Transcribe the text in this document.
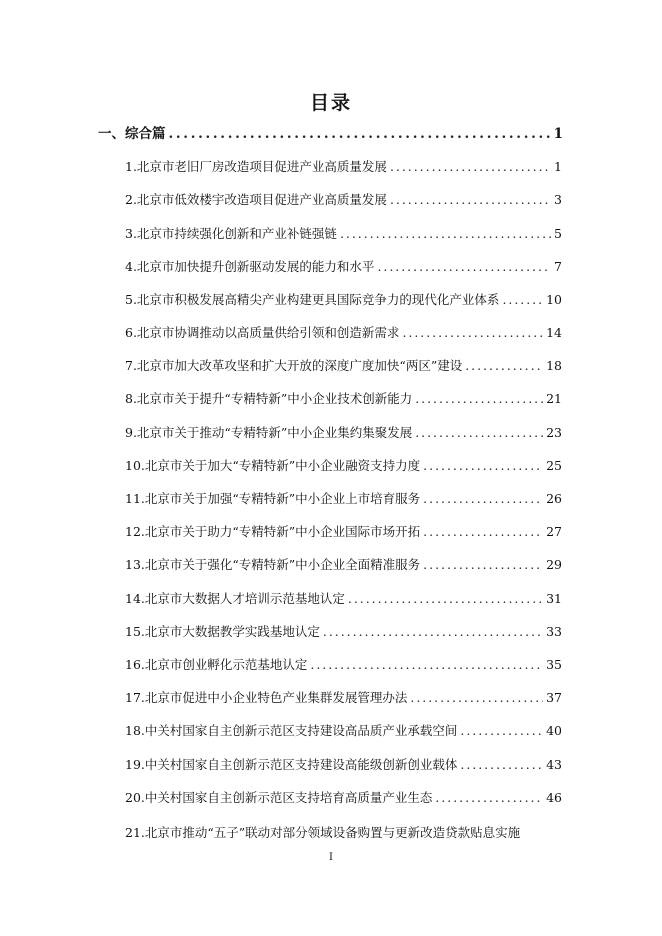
目录
一、综合篇 . . .	1
1.北京市老旧厂房改造项目促进产业高质量发展 . . .	1
2.北京市低效楼宇改造项目促进产业高质量发展 . . .	3
3.北京市持续强化创新和产业补链强链 . . .	5
4.北京市加快提升创新驱动发展的能力和水平 . . .	7
5.北京市积极发展高精尖产业构建更具国际竞争力的现代化产业体系 . . .	10
6.北京市协调推动以高质量供给引领和创造新需求 . . .	14
7.北京市加大改革攻坚和扩大开放的深度广度加快“两区”建设 . . .	18
8.北京市关于提升“专精特新”中小企业技术创新能力 . . .	21
9.北京市关于推动“专精特新”中小企业集约集聚发展 . . .	23
10.北京市关于加大“专精特新”中小企业融资支持力度 . . .	25
11.北京市关于加强“专精特新”中小企业上市培育服务 . . .	26
12.北京市关于助力“专精特新”中小企业国际市场开拓 . . .	27
13.北京市关于强化“专精特新”中小企业全面精准服务 . . .	29
14.北京市大数据人才培训示范基地认定 . . .	31
15.北京市大数据教学实践基地认定 . . .	33
16.北京市创业孵化示范基地认定 . . .	35
17.北京市促进中小企业特色产业集群发展管理办法 . . .	37
18.中关村国家自主创新示范区支持建设高品质产业承载空间 . . .	40
19.中关村国家自主创新示范区支持建设高能级创新创业载体 . . .	43
20.中关村国家自主创新示范区支持培育高质量产业生态 . . .	46
21.北京市推动“五子”联动对部分领域设备购置与更新改造贷款贴息实施
I
